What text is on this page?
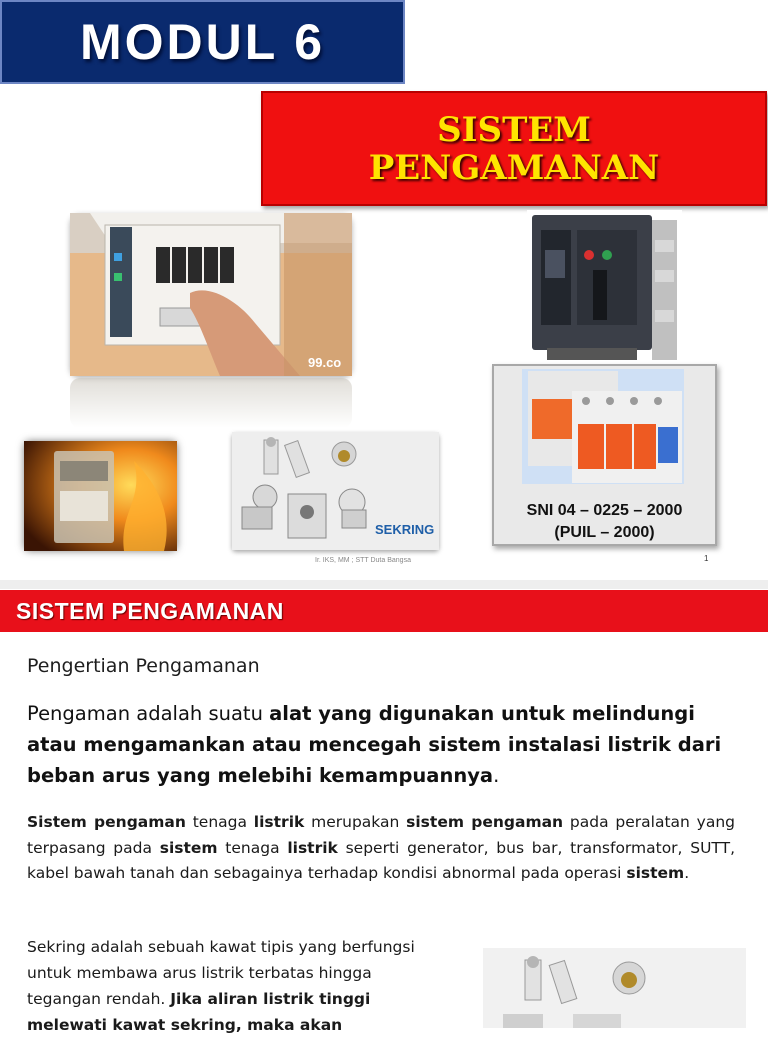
MODUL 6
SISTEM
PENGAMANAN
99.co
SNI 04 – 0225 – 2000
(PUIL – 2000)
SEKRING
Ir. IKS, MM ; STT Duta Bangsa	1
SISTEM PENGAMANAN
Pengertian Pengamanan
Pengaman adalah suatu alat yang digunakan untuk melindungi atau mengamankan atau mencegah sistem instalasi listrik dari beban arus yang melebihi kemampuannya.
Sistem pengaman tenaga listrik merupakan sistem pengaman pada peralatan yang terpasang pada sistem tenaga listrik seperti generator, bus bar, transformator, SUTT, kabel bawah tanah dan sebagainya terhadap kondisi abnormal pada operasi sistem.
Sekring adalah sebuah kawat tipis yang berfungsi untuk membawa arus listrik terbatas hingga tegangan rendah. Jika aliran listrik tinggi melewati kawat sekring, maka akan
